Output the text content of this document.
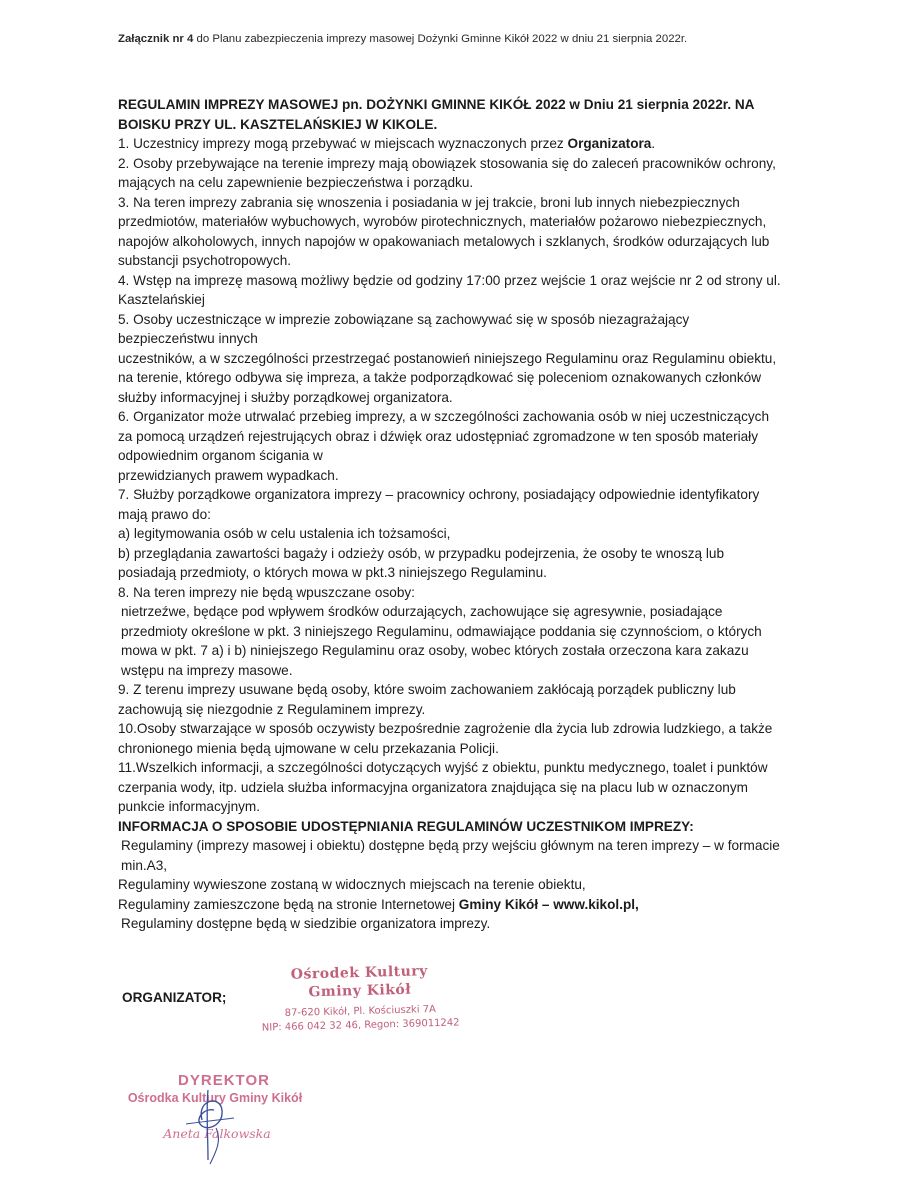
Załącznik nr 4 do Planu zabezpieczenia imprezy masowej Dożynki Gminne Kikół 2022 w dniu 21 sierpnia 2022r.

REGULAMIN IMPREZY MASOWEJ pn. DOŻYNKI GMINNE KIKÓŁ 2022 w Dniu 21 sierpnia 2022r. NA BOISKU PRZY UL. KASZTELAŃSKIEJ W KIKOLE.

1. Uczestnicy imprezy mogą przebywać w miejscach wyznaczonych przez Organizatora.

2. Osoby przebywające na terenie imprezy mają obowiązek stosowania się do zaleceń pracowników ochrony, mających na celu zapewnienie bezpieczeństwa i porządku.

3. Na teren imprezy zabrania się wnoszenia i posiadania w jej trakcie, broni lub innych niebezpiecznych przedmiotów, materiałów wybuchowych, wyrobów pirotechnicznych, materiałów pożarowo niebezpiecznych, napojów alkoholowych, innych napojów w opakowaniach metalowych i szklanych, środków odurzających lub substancji psychotropowych.

4. Wstęp na imprezę masową możliwy będzie od godziny 17:00 przez wejście 1 oraz wejście nr 2 od strony ul. Kasztelańskiej

5. Osoby uczestniczące w imprezie zobowiązane są zachowywać się w sposób niezagrażający bezpieczeństwu innych

uczestników, a w szczególności przestrzegać postanowień niniejszego Regulaminu oraz Regulaminu obiektu, na terenie, którego odbywa się impreza, a także podporządkować się poleceniom oznakowanych członków służby informacyjnej i służby porządkowej organizatora.

6. Organizator może utrwalać przebieg imprezy, a w szczególności zachowania osób w niej uczestniczących za pomocą urządzeń rejestrujących obraz i dźwięk oraz udostępniać zgromadzone w ten sposób materiały odpowiednim organom ścigania w

przewidzianych prawem wypadkach.

7. Służby porządkowe organizatora imprezy – pracownicy ochrony, posiadający odpowiednie identyfikatory mają prawo do:

a) legitymowania osób w celu ustalenia ich tożsamości,

b) przeglądania zawartości bagaży i odzieży osób, w przypadku podejrzenia, że osoby te wnoszą lub posiadają przedmioty, o których mowa w pkt.3 niniejszego Regulaminu.

8. Na teren imprezy nie będą wpuszczane osoby:

nietrzeźwe, będące pod wpływem środków odurzających, zachowujące się agresywnie, posiadające przedmioty określone w pkt. 3 niniejszego Regulaminu, odmawiające poddania się czynnościom, o których mowa w pkt. 7 a) i b) niniejszego Regulaminu oraz osoby, wobec których została orzeczona kara zakazu wstępu na imprezy masowe.

9. Z terenu imprezy usuwane będą osoby, które swoim zachowaniem zakłócają porządek publiczny lub zachowują się niezgodnie z Regulaminem imprezy.

10.Osoby stwarzające w sposób oczywisty bezpośrednie zagrożenie dla życia lub zdrowia ludzkiego, a także chronionego mienia będą ujmowane w celu przekazania Policji.

11.Wszelkich informacji, a szczególności dotyczących wyjść z obiektu, punktu medycznego, toalet i punktów czerpania wody, itp. udziela służba informacyjna organizatora znajdująca się na placu lub w oznaczonym punkcie informacyjnym.

INFORMACJA O SPOSOBIE UDOSTĘPNIANIA REGULAMINÓW UCZESTNIKOM IMPREZY:

Regulaminy (imprezy masowej i obiektu) dostępne będą przy wejściu głównym na teren imprezy – w formacie min.A3,

Regulaminy wywieszone zostaną w widocznych miejscach na terenie obiektu,

Regulaminy zamieszczone będą na stronie Internetowej Gminy Kikół – www.kikol.pl,

Regulaminy dostępne będą w siedzibie organizatora imprezy.

ORGANIZATOR;
Ośrodek Kultury
Gminy Kikół
87-620 Kikół, Pl. Kościuszki 7A
NIP: 466 042 32 46, Regon: 369011242
DYREKTOR
Ośrodka Kultury Gminy Kikół
Aneta Falkowska
